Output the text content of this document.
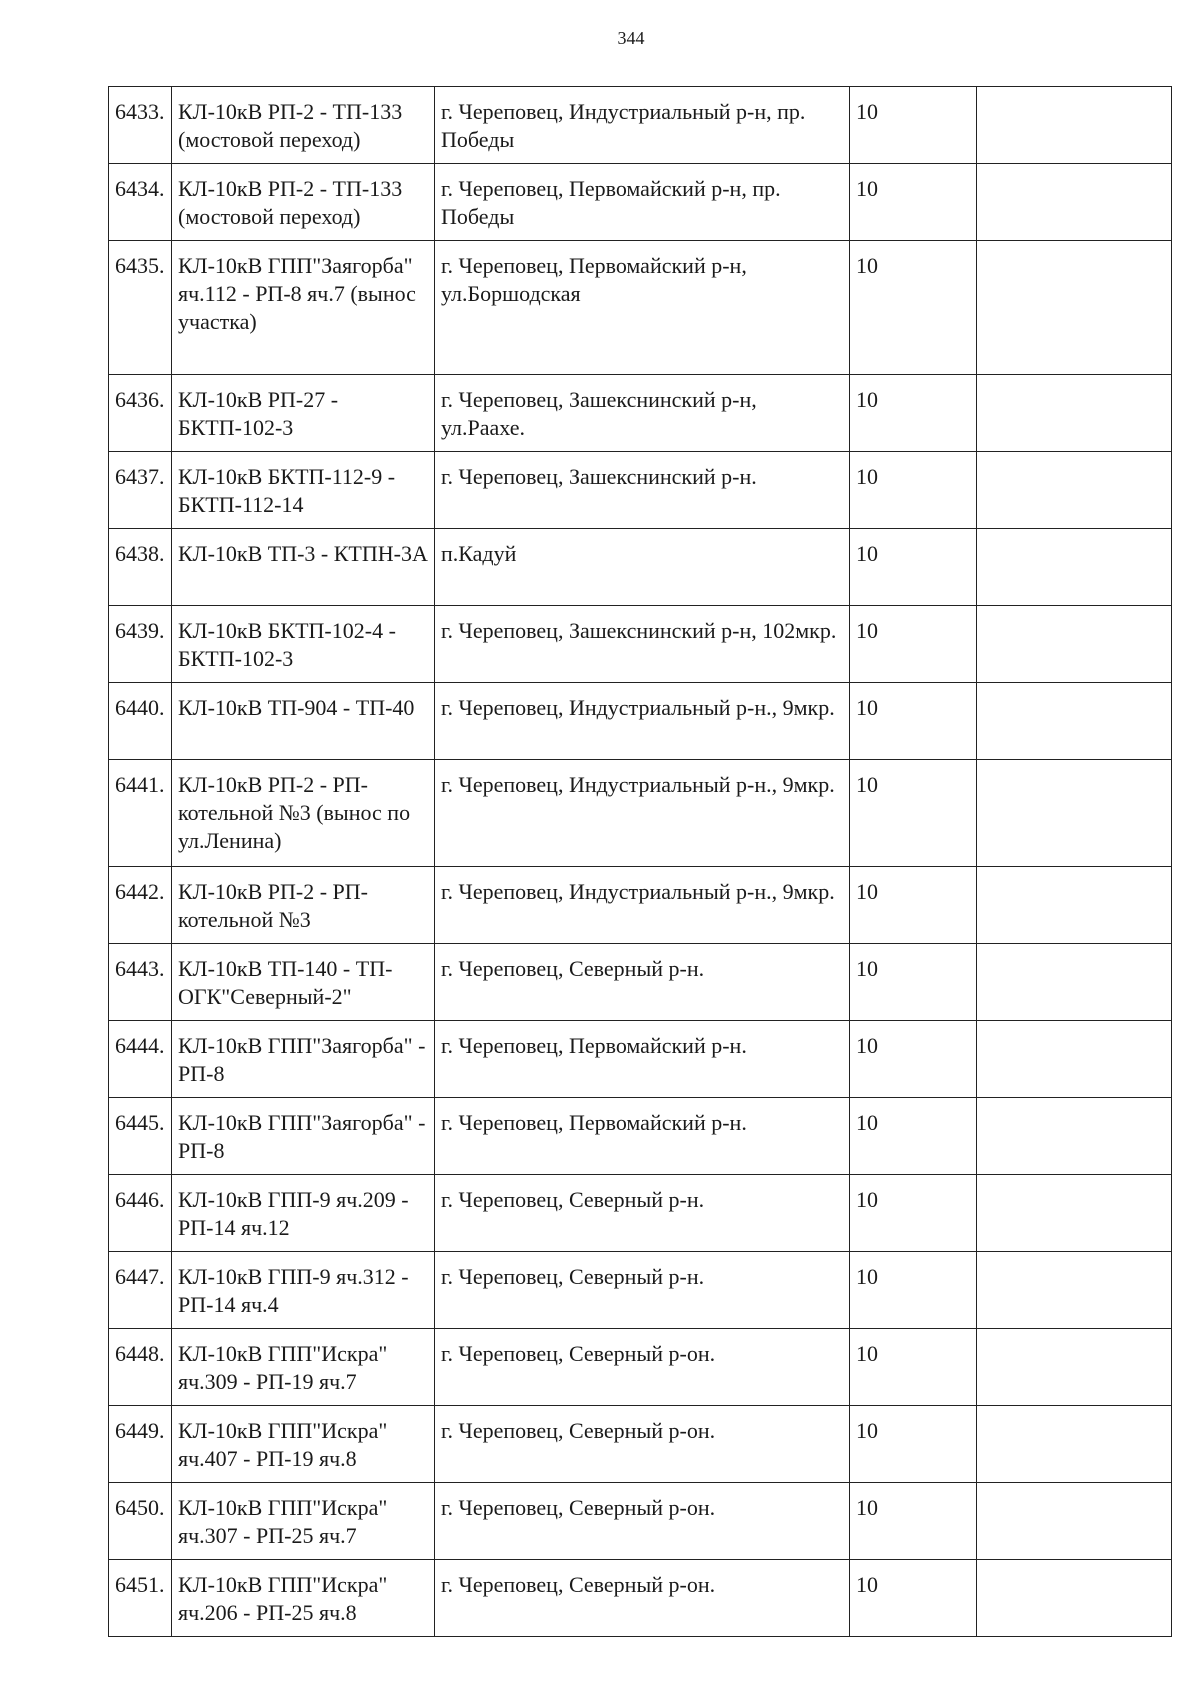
344
6433.	КЛ-10кВ РП-2 - ТП-133 (мостовой переход)	г. Череповец, Индустриальный р-н, пр. Победы	10	
6434.	КЛ-10кВ РП-2 - ТП-133 (мостовой переход)	г. Череповец, Первомайский р-н, пр. Победы	10	
6435.	КЛ-10кВ ГПП"Заягорба" яч.112 - РП-8 яч.7 (вынос участка)	г. Череповец, Первомайский р-н, ул.Боршодская	10	
6436.	КЛ-10кВ РП-27 - БКТП-102-3	г. Череповец, Зашекснинский р-н, ул.Раахе.	10	
6437.	КЛ-10кВ БКТП-112-9 - БКТП-112-14	г. Череповец, Зашекснинский р-н.	10	
6438.	КЛ-10кВ ТП-3 - КТПН-3А	п.Кадуй	10	
6439.	КЛ-10кВ БКТП-102-4 - БКТП-102-3	г. Череповец, Зашекснинский р-н, 102мкр.	10	
6440.	КЛ-10кВ ТП-904 - ТП-40	г. Череповец, Индустриальный р-н., 9мкр.	10	
6441.	КЛ-10кВ РП-2 - РП-котельной №3 (вынос по ул.Ленина)	г. Череповец, Индустриальный р-н., 9мкр.	10	
6442.	КЛ-10кВ РП-2 - РП-котельной №3	г. Череповец, Индустриальный р-н., 9мкр.	10	
6443.	КЛ-10кВ ТП-140 - ТП-ОГК"Северный-2"	г. Череповец, Северный р-н.	10	
6444.	КЛ-10кВ ГПП"Заягорба" - РП-8	г. Череповец, Первомайский р-н.	10	
6445.	КЛ-10кВ ГПП"Заягорба" - РП-8	г. Череповец, Первомайский р-н.	10	
6446.	КЛ-10кВ ГПП-9 яч.209 - РП-14 яч.12	г. Череповец, Северный р-н.	10	
6447.	КЛ-10кВ ГПП-9 яч.312 - РП-14 яч.4	г. Череповец, Северный р-н.	10	
6448.	КЛ-10кВ ГПП"Искра" яч.309 - РП-19 яч.7	г. Череповец, Северный р-он.	10	
6449.	КЛ-10кВ ГПП"Искра" яч.407 - РП-19 яч.8	г. Череповец, Северный р-он.	10	
6450.	КЛ-10кВ ГПП"Искра" яч.307 - РП-25 яч.7	г. Череповец, Северный р-он.	10	
6451.	КЛ-10кВ ГПП"Искра" яч.206 - РП-25 яч.8	г. Череповец, Северный р-он.	10	
